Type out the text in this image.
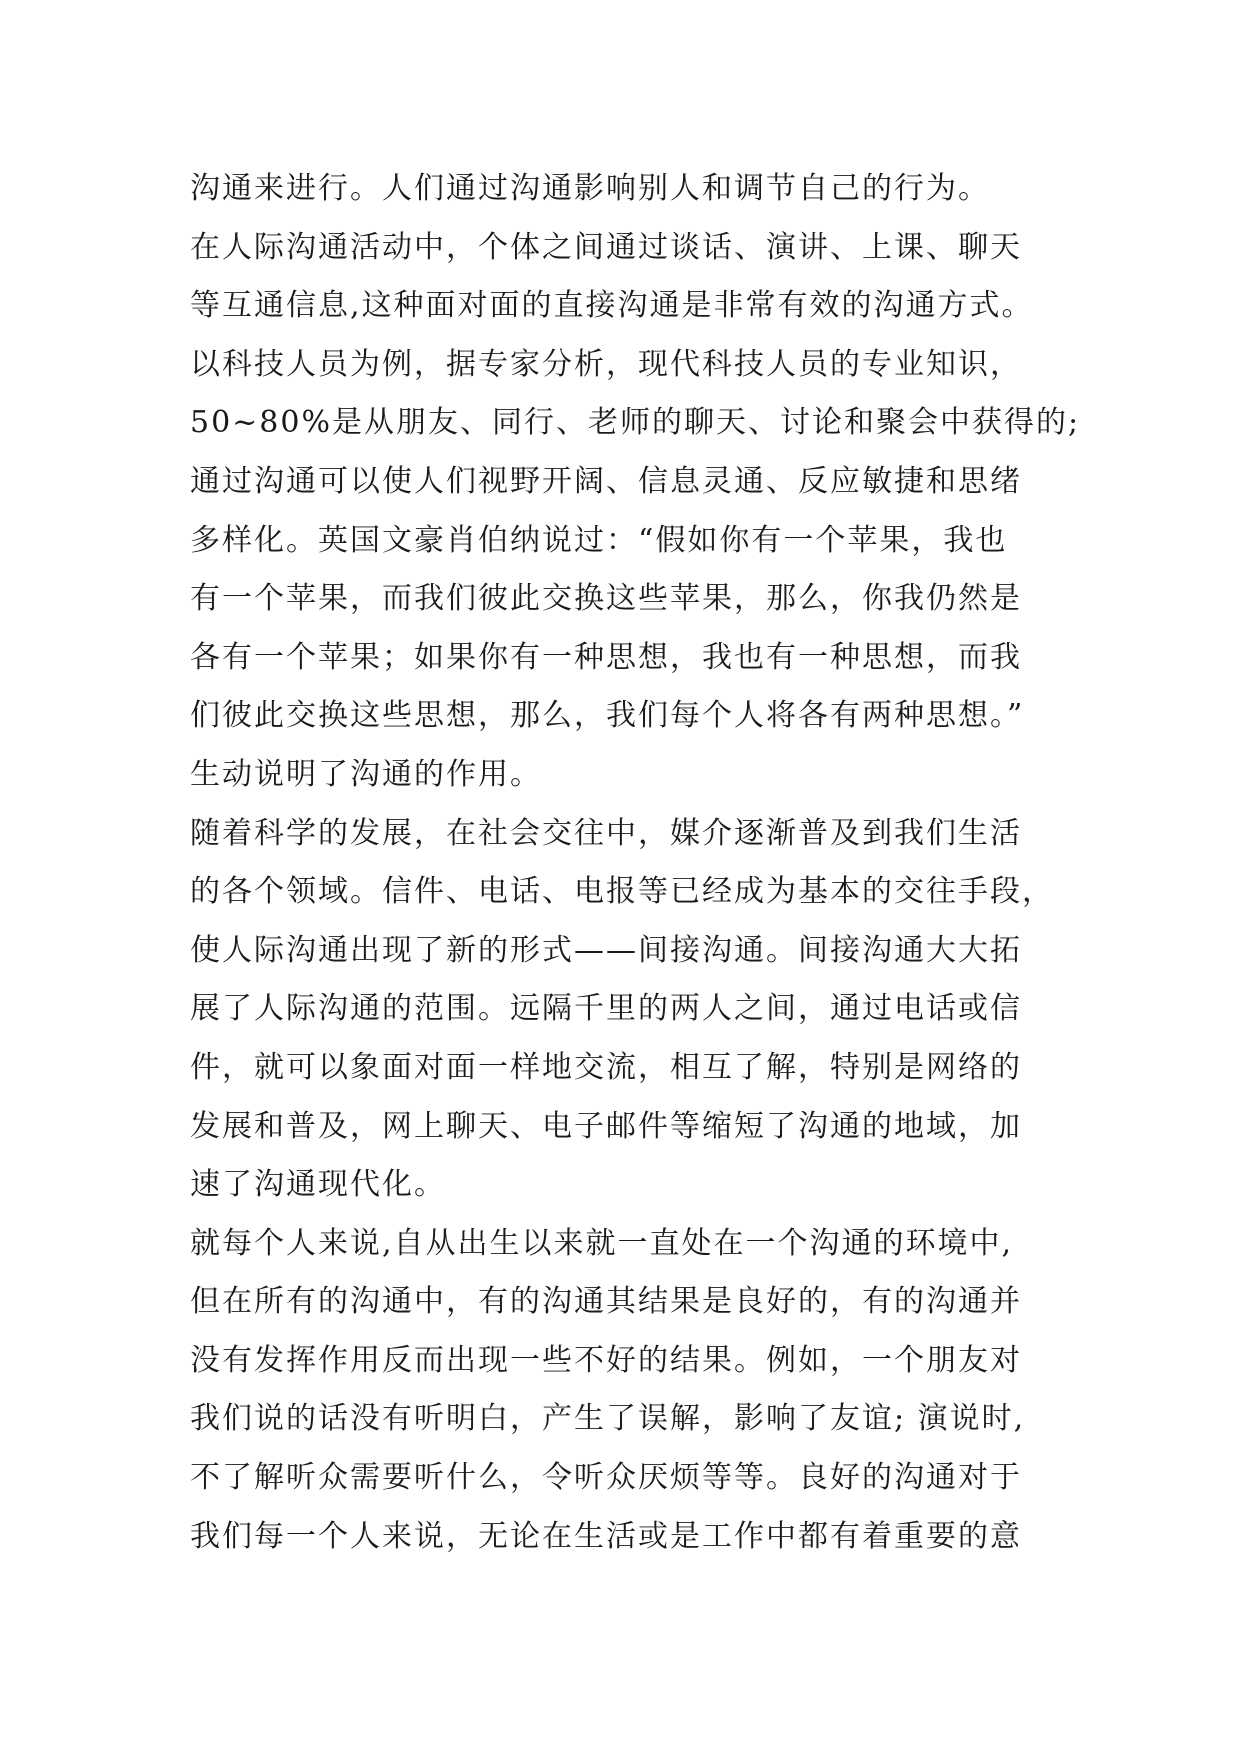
沟通来进行。人们通过沟通影响别人和调节自己的行为。
在人际沟通活动中，个体之间通过谈话、演讲、上课、聊天
等互通信息,这种面对面的直接沟通是非常有效的沟通方式。
以科技人员为例，据专家分析，现代科技人员的专业知识，
50~80%是从朋友、同行、老师的聊天、讨论和聚会中获得的;
通过沟通可以使人们视野开阔、信息灵通、反应敏捷和思绪
多样化。英国文豪肖伯纳说过：“假如你有一个苹果，我也
有一个苹果，而我们彼此交换这些苹果，那么，你我仍然是
各有一个苹果；如果你有一种思想，我也有一种思想，而我
们彼此交换这些思想，那么，我们每个人将各有两种思想。”
生动说明了沟通的作用。
随着科学的发展，在社会交往中，媒介逐渐普及到我们生活
的各个领域。信件、电话、电报等已经成为基本的交往手段，
使人际沟通出现了新的形式——间接沟通。间接沟通大大拓
展了人际沟通的范围。远隔千里的两人之间，通过电话或信
件，就可以象面对面一样地交流，相互了解，特别是网络的
发展和普及，网上聊天、电子邮件等缩短了沟通的地域，加
速了沟通现代化。
就每个人来说,自从出生以来就一直处在一个沟通的环境中,
但在所有的沟通中，有的沟通其结果是良好的，有的沟通并
没有发挥作用反而出现一些不好的结果。例如，一个朋友对
我们说的话没有听明白，产生了误解，影响了友谊; 演说时,
不了解听众需要听什么，令听众厌烦等等。良好的沟通对于
我们每一个人来说，无论在生活或是工作中都有着重要的意
